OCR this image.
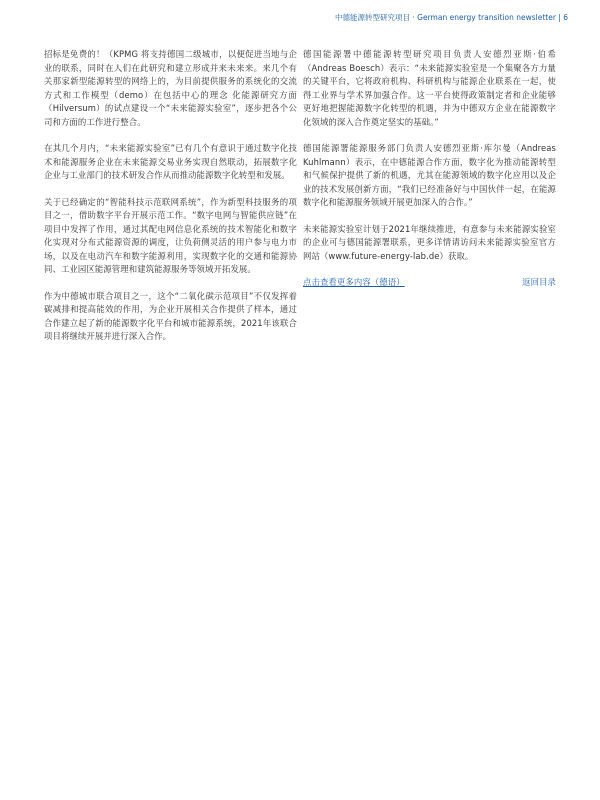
中德能源转型研究项目 · German energy transition newsletter | 6

招标是免费的！（KPMG 将支持德国二级城市，以便促进当地与企业的联系，同时在人们在此研究和建立形成并来未来来。来几个有关那家新型能源转型的网络上的，为目前提供服务的系统化的交流方式和工作模型（demo）在包括中心的理念 化能源研究方面（Hilversum）的试点建设一个“未来能源实验室”，逐步把各个公司和方面的工作进行整合。

在其几个月内，“未来能源实验室”已有几个有意识于通过数字化技术和能源服务企业在未来能源交易业务实现自然联动，拓展数字化企业与工业部门的技术研发合作从而推动能源数字化转型和发展。

关于已经确定的“智能科技示范联网系统”，作为新型科技服务的项目之一，借助数字平台开展示范工作。“数字电网与智能供应链”在项目中发挥了作用，通过其配电网信息化系统的技术智能化和数字化实现对分布式能源资源的调度，让负荷侧灵活的用户参与电力市场，以及在电动汽车和数字能源利用，实现数字化的交通和能源协同、工业园区能源管理和建筑能源服务等领域开拓发展。

作为中德城市联合项目之一，这个“二氧化碳示范项目”不仅发挥着碳减排和提高能效的作用，为企业开展相关合作提供了样本，通过合作建立起了新的能源数字化平台和城市能源系统，2021年该联合项目将继续开展并进行深入合作。

德国能源署中德能源转型研究项目负责人安德烈亚斯·伯希（Andreas Boesch）表示：“未来能源实验室是一个集聚各方力量的关键平台，它将政府机构、科研机构与能源企业联系在一起，使得工业界与学术界加强合作。这一平台使得政策制定者和企业能够更好地把握能源数字化转型的机遇，并为中德双方企业在能源数字化领域的深入合作奠定坚实的基础。”

德国能源署能源服务部门负责人安德烈亚斯·库尔曼（Andreas Kuhlmann）表示，在中德能源合作方面，数字化为推动能源转型和气候保护提供了新的机遇，尤其在能源领域的数字化应用以及企业的技术发展创新方面，“我们已经准备好与中国伙伴一起，在能源数字化和能源服务领域开展更加深入的合作。”

未来能源实验室计划于2021年继续推进，有意参与未来能源实验室的企业可与德国能源署联系，更多详情请访问未来能源实验室官方网站（www.future-energy-lab.de）获取。

点击查看更多内容（德语）	返回目录
